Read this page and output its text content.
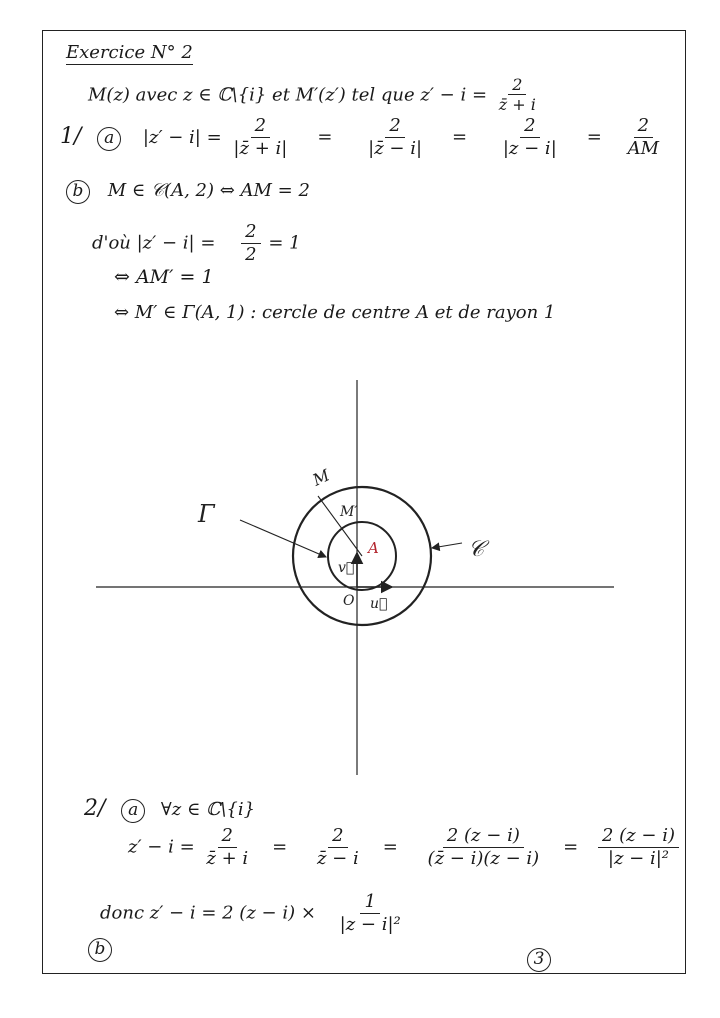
Exercice N° 2
M(z) avec z ∈ ℂ\{i} et M′(z′) tel que $z' - i = \frac{2}{z̄ + i}$
1/ a $|z' - i| = \frac{2}{|z̄ + i|} = \frac{2}{|z̄ - i|} = \frac{2}{|z - i|} = \frac{2}{AM}$
b M ∈ 𝒞(A, 2) ⇔ AM = 2
d'où $|z' - i| = \frac{2}{2} = 1$
⇔ AM′ = 1
⇔ M′ ∈ Γ(A, 1) : cercle de centre A et de rayon 1
M
M′
A
O u⃗
v⃗
Γ
𝒞
2/ a ∀z ∈ ℂ\{i}
$z' - i = \frac{2}{z̄ + i} = \frac{2}{z̄ - i} = \frac{2 (z - i)}{(z̄ - i)(z - i)} = \frac{2 (z - i)}{\text{|z − i|²}}$
donc z′ − i = 2 $(z - i) \times \frac{1}{\text{|z − i|²}}$
b	3
